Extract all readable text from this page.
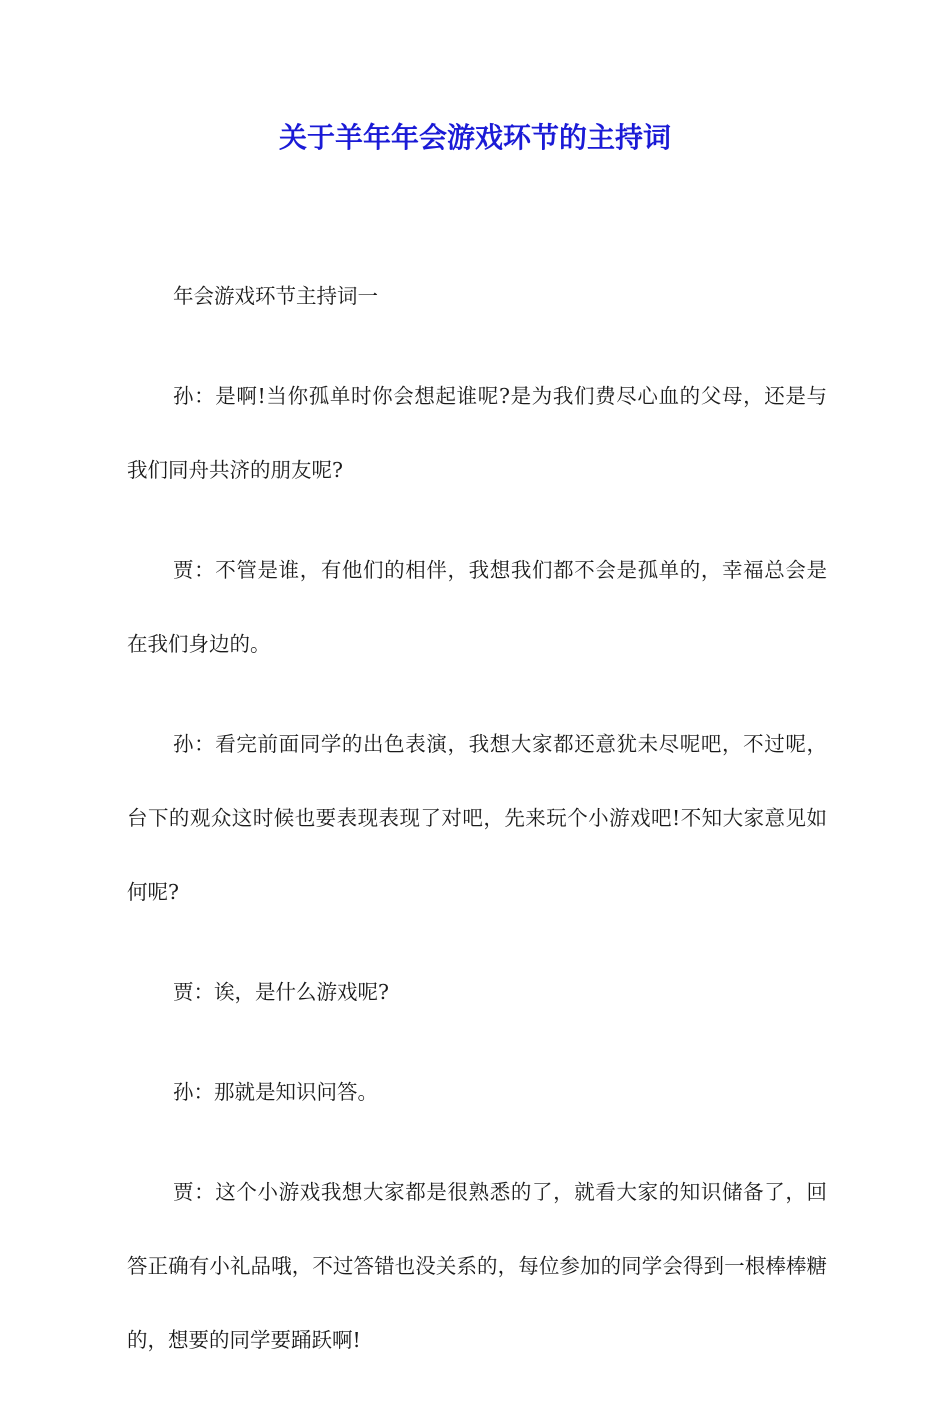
关于羊年年会游戏环节的主持词

年会游戏环节主持词一

孙：是啊!当你孤单时你会想起谁呢?是为我们费尽心血的父母，还是与我们同舟共济的朋友呢?

贾：不管是谁，有他们的相伴，我想我们都不会是孤单的，幸福总会是在我们身边的。

孙：看完前面同学的出色表演，我想大家都还意犹未尽呢吧，不过呢，台下的观众这时候也要表现表现了对吧，先来玩个小游戏吧!不知大家意见如何呢?

贾：诶，是什么游戏呢?

孙：那就是知识问答。

贾：这个小游戏我想大家都是很熟悉的了，就看大家的知识储备了，回答正确有小礼品哦，不过答错也没关系的，每位参加的同学会得到一根棒棒糖的，想要的同学要踊跃啊!
